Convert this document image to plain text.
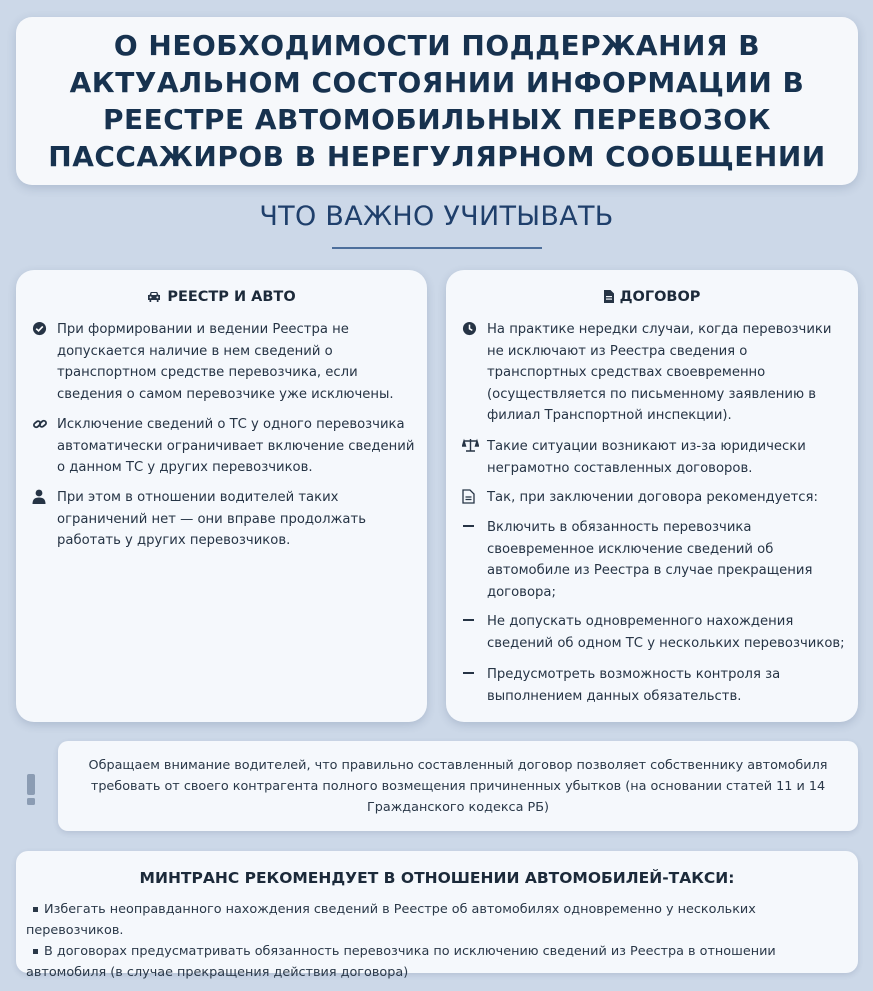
О НЕОБХОДИМОСТИ ПОДДЕРЖАНИЯ В АКТУАЛЬНОМ СОСТОЯНИИ ИНФОРМАЦИИ В РЕЕСТРЕ АВТОМОБИЛЬНЫХ ПЕРЕВОЗОК ПАССАЖИРОВ В НЕРЕГУЛЯРНОМ СООБЩЕНИИ
ЧТО ВАЖНО УЧИТЫВАТЬ
РЕЕСТР И АВТО
При формировании и ведении Реестра не допускается наличие в нем сведений о транспортном средстве перевозчика, если сведения о самом перевозчике уже исключены.
Исключение сведений о ТС у одного перевозчика автоматически ограничивает включение сведений о данном ТС у других перевозчиков.
При этом в отношении водителей таких ограничений нет — они вправе продолжать работать у других перевозчиков.
ДОГОВОР
На практике нередки случаи, когда перевозчики не исключают из Реестра сведения о транспортных средствах своевременно (осуществляется по письменному заявлению в филиал Транспортной инспекции).
Такие ситуации возникают из-за юридически неграмотно составленных договоров.
Так, при заключении договора рекомендуется:
Включить в обязанность перевозчика своевременное исключение сведений об автомобиле из Реестра в случае прекращения договора;
Не допускать одновременного нахождения сведений об одном ТС у нескольких перевозчиков;
Предусмотреть возможность контроля за выполнением данных обязательств.

Обращаем внимание водителей, что правильно составленный договор позволяет собственнику автомобиля требовать от своего контрагента полного возмещения причиненных убытков (на основании статей 11 и 14 Гражданского кодекса РБ)

МИНТРАНС РЕКОМЕНДУЕТ В ОТНОШЕНИИ АВТОМОБИЛЕЙ-ТАКСИ:
Избегать неоправданного нахождения сведений в Реестре об автомобилях одновременно у нескольких перевозчиков.
В договорах предусматривать обязанность перевозчика по исключению сведений из Реестра в отношении автомобиля (в случае прекращения действия договора)
